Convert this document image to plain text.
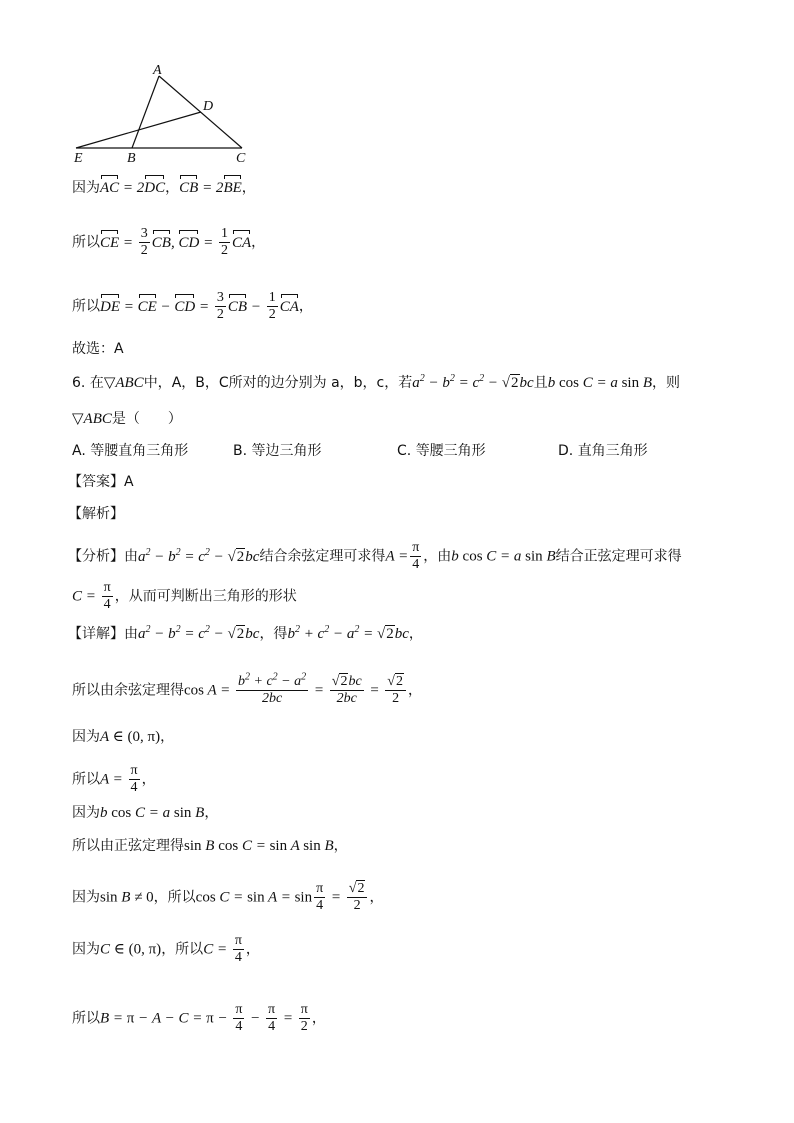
A
D
E	B	C
因为AC = 2DC，CB = 2BE，
所以CE = $\frac{3}{2}$ CB, CD = $\frac{1}{2}$ CA，
所以DE = CE − CD = $\frac{3}{2}$ CB − $\frac{1}{2}$ CA，
故选：A
6. 在▽ABC中，A，B，C所对的边分别为 a，b，c，若$a^2 - b^2 = c^2 - √2bc$且b cos C = a sin B，则
▽ABC是（　　）
A. 等腰直角三角形	B. 等边三角形	C. 等腰三角形	D. 直角三角形
【答案】A
【解析】
【分析】由$a^2 - b^2 = c^2 - √2bc$结合余弦定理可求得$A = \frac{\pi}{4}$ ，由b cos C = a sin B结合正弦定理可求得
$C = \frac{\pi}{4}$ ，从而可判断出三角形的形状
【详解】由$a^2 - b^2 = c^2 - √2bc$，得$b^2 + c^2 - a^2 = √2bc$，
所以由余弦定理得$\cos A = \frac{b^2 + c^2 - a^2}{2bc} = \frac{√2bc}{2bc} = \frac{√2}{2}$ ，
因为A ∈ (0, π)，
所以$A = \frac{\pi}{4}$ ，
因为b cos C = a sin B，
所以由正弦定理得sin B cos C = sin A sin B，
因为sin B ≠ 0，所以$\cos C = \sin A = \sin \frac{\pi}{4} = \frac{√2}{2}$ ，
因为C ∈ (0, π)，所以$C = \frac{\pi}{4}$ ，
所以$B = \pi - A - C = \pi - \frac{\pi}{4} - \frac{\pi}{4} = \frac{\pi}{2}$ ，
